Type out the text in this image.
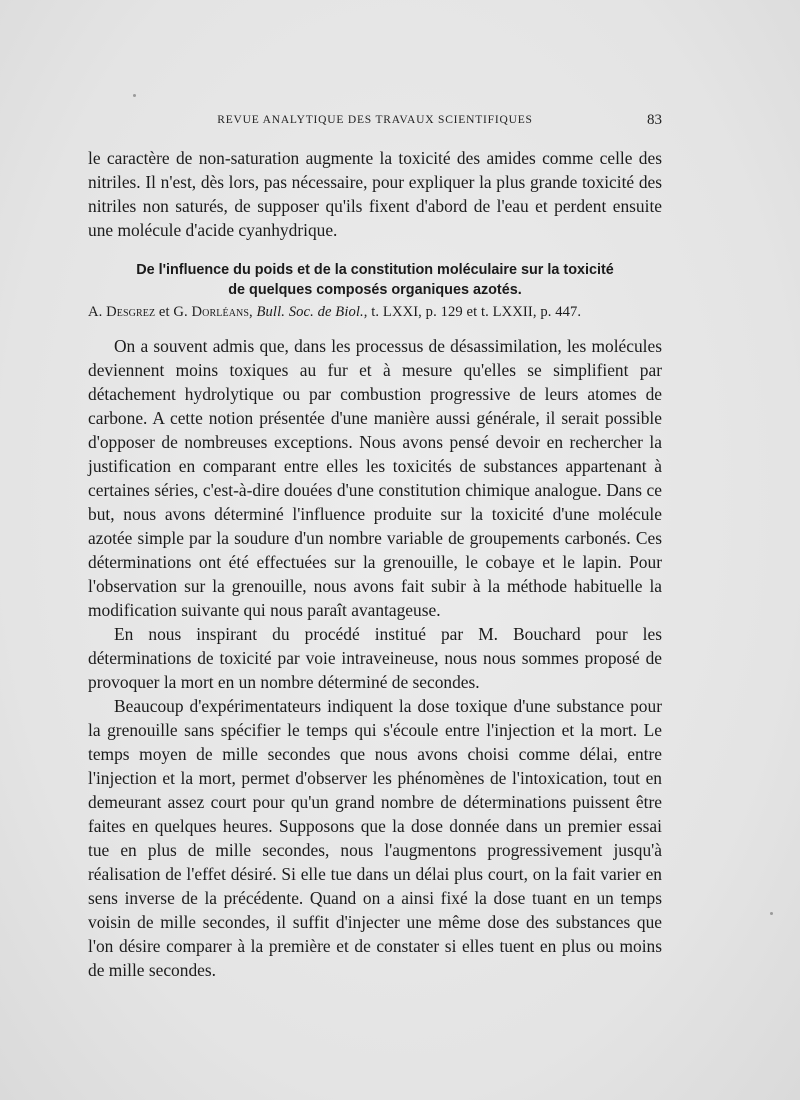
REVUE ANALYTIQUE DES TRAVAUX SCIENTIFIQUES	83

le caractère de non-saturation augmente la toxicité des amides comme celle des nitriles. Il n'est, dès lors, pas nécessaire, pour expliquer la plus grande toxicité des nitriles non saturés, de supposer qu'ils fixent d'abord de l'eau et perdent ensuite une molécule d'acide cyanhydrique.

De l'influence du poids et de la constitution moléculaire sur la toxicité
de quelques composés organiques azotés.
A. Desgrez et G. Dorléans, Bull. Soc. de Biol., t. LXXI, p. 129 et t. LXXII, p. 447.

On a souvent admis que, dans les processus de désassimilation, les molécules deviennent moins toxiques au fur et à mesure qu'elles se simplifient par détachement hydrolytique ou par combustion progressive de leurs atomes de carbone. A cette notion présentée d'une manière aussi générale, il serait possible d'opposer de nombreuses exceptions. Nous avons pensé devoir en rechercher la justification en comparant entre elles les toxicités de substances appartenant à certaines séries, c'est-à-dire douées d'une constitution chimique analogue. Dans ce but, nous avons déterminé l'influence produite sur la toxicité d'une molécule azotée simple par la soudure d'un nombre variable de groupements carbonés. Ces déterminations ont été effectuées sur la grenouille, le cobaye et le lapin. Pour l'observation sur la grenouille, nous avons fait subir à la méthode habituelle la modification suivante qui nous paraît avantageuse.

En nous inspirant du procédé institué par M. Bouchard pour les déterminations de toxicité par voie intraveineuse, nous nous sommes proposé de provoquer la mort en un nombre déterminé de secondes.

Beaucoup d'expérimentateurs indiquent la dose toxique d'une substance pour la grenouille sans spécifier le temps qui s'écoule entre l'injection et la mort. Le temps moyen de mille secondes que nous avons choisi comme délai, entre l'injection et la mort, permet d'observer les phénomènes de l'intoxication, tout en demeurant assez court pour qu'un grand nombre de déterminations puissent être faites en quelques heures. Supposons que la dose donnée dans un premier essai tue en plus de mille secondes, nous l'augmentons progressivement jusqu'à réalisation de l'effet désiré. Si elle tue dans un délai plus court, on la fait varier en sens inverse de la précédente. Quand on a ainsi fixé la dose tuant en un temps voisin de mille secondes, il suffit d'injecter une même dose des substances que l'on désire comparer à la première et de constater si elles tuent en plus ou moins de mille secondes.
